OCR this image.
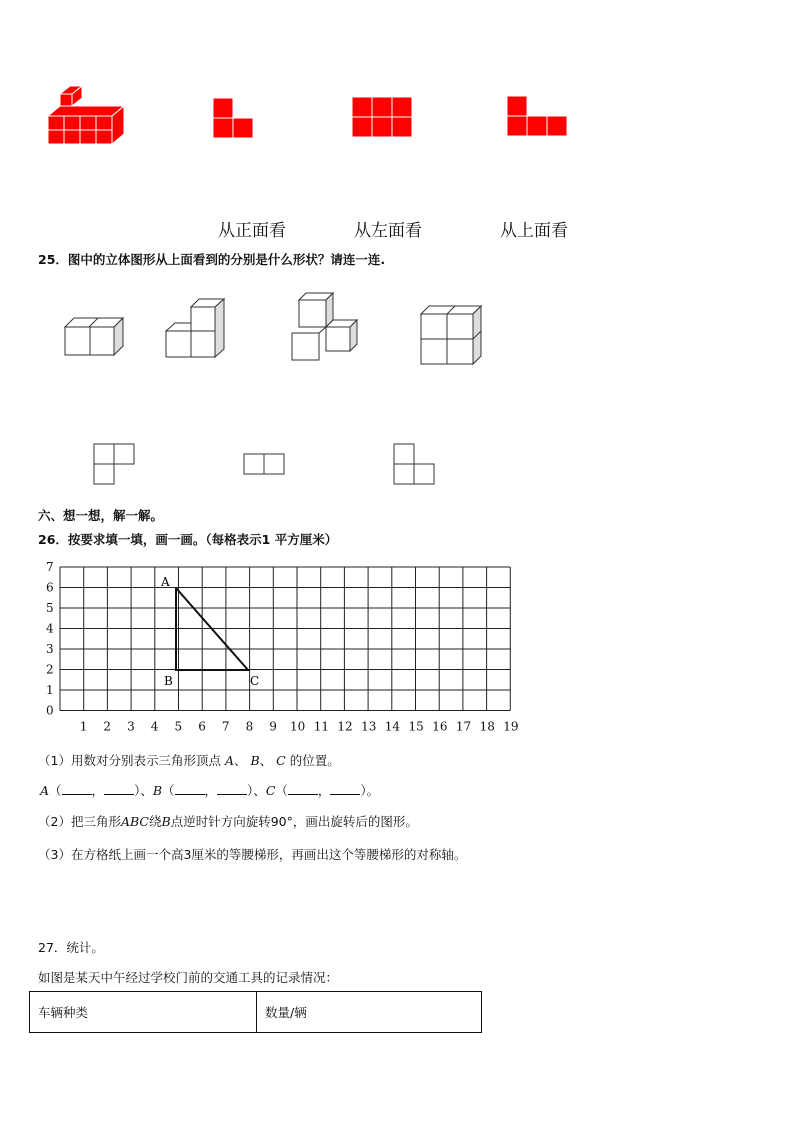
从正面看	从左面看	从上面看
25．图中的立体图形从上面看到的分别是什么形状？请连一连.
六、想一想，解一解。
26．按要求填一填，画一画。（每格表示1 平方厘米）
7
6
5
4
3
2
1
0
1 2 3 4 5 6 7 8 9 10 11 12 13 14 15 16 17 18 19
A
B	C
（1）用数对分别表示三角形顶点 A、 B、 C 的位置。
A（ ， ）、B（ ， ）、C（ ， ）。
（2）把三角形ABC绕B点逆时针方向旋转90°，画出旋转后的图形。
（3）在方格纸上画一个高3厘米的等腰梯形，再画出这个等腰梯形的对称轴。
27．统计。
如图是某天中午经过学校门前的交通工具的记录情况：
车辆种类	数量/辆
